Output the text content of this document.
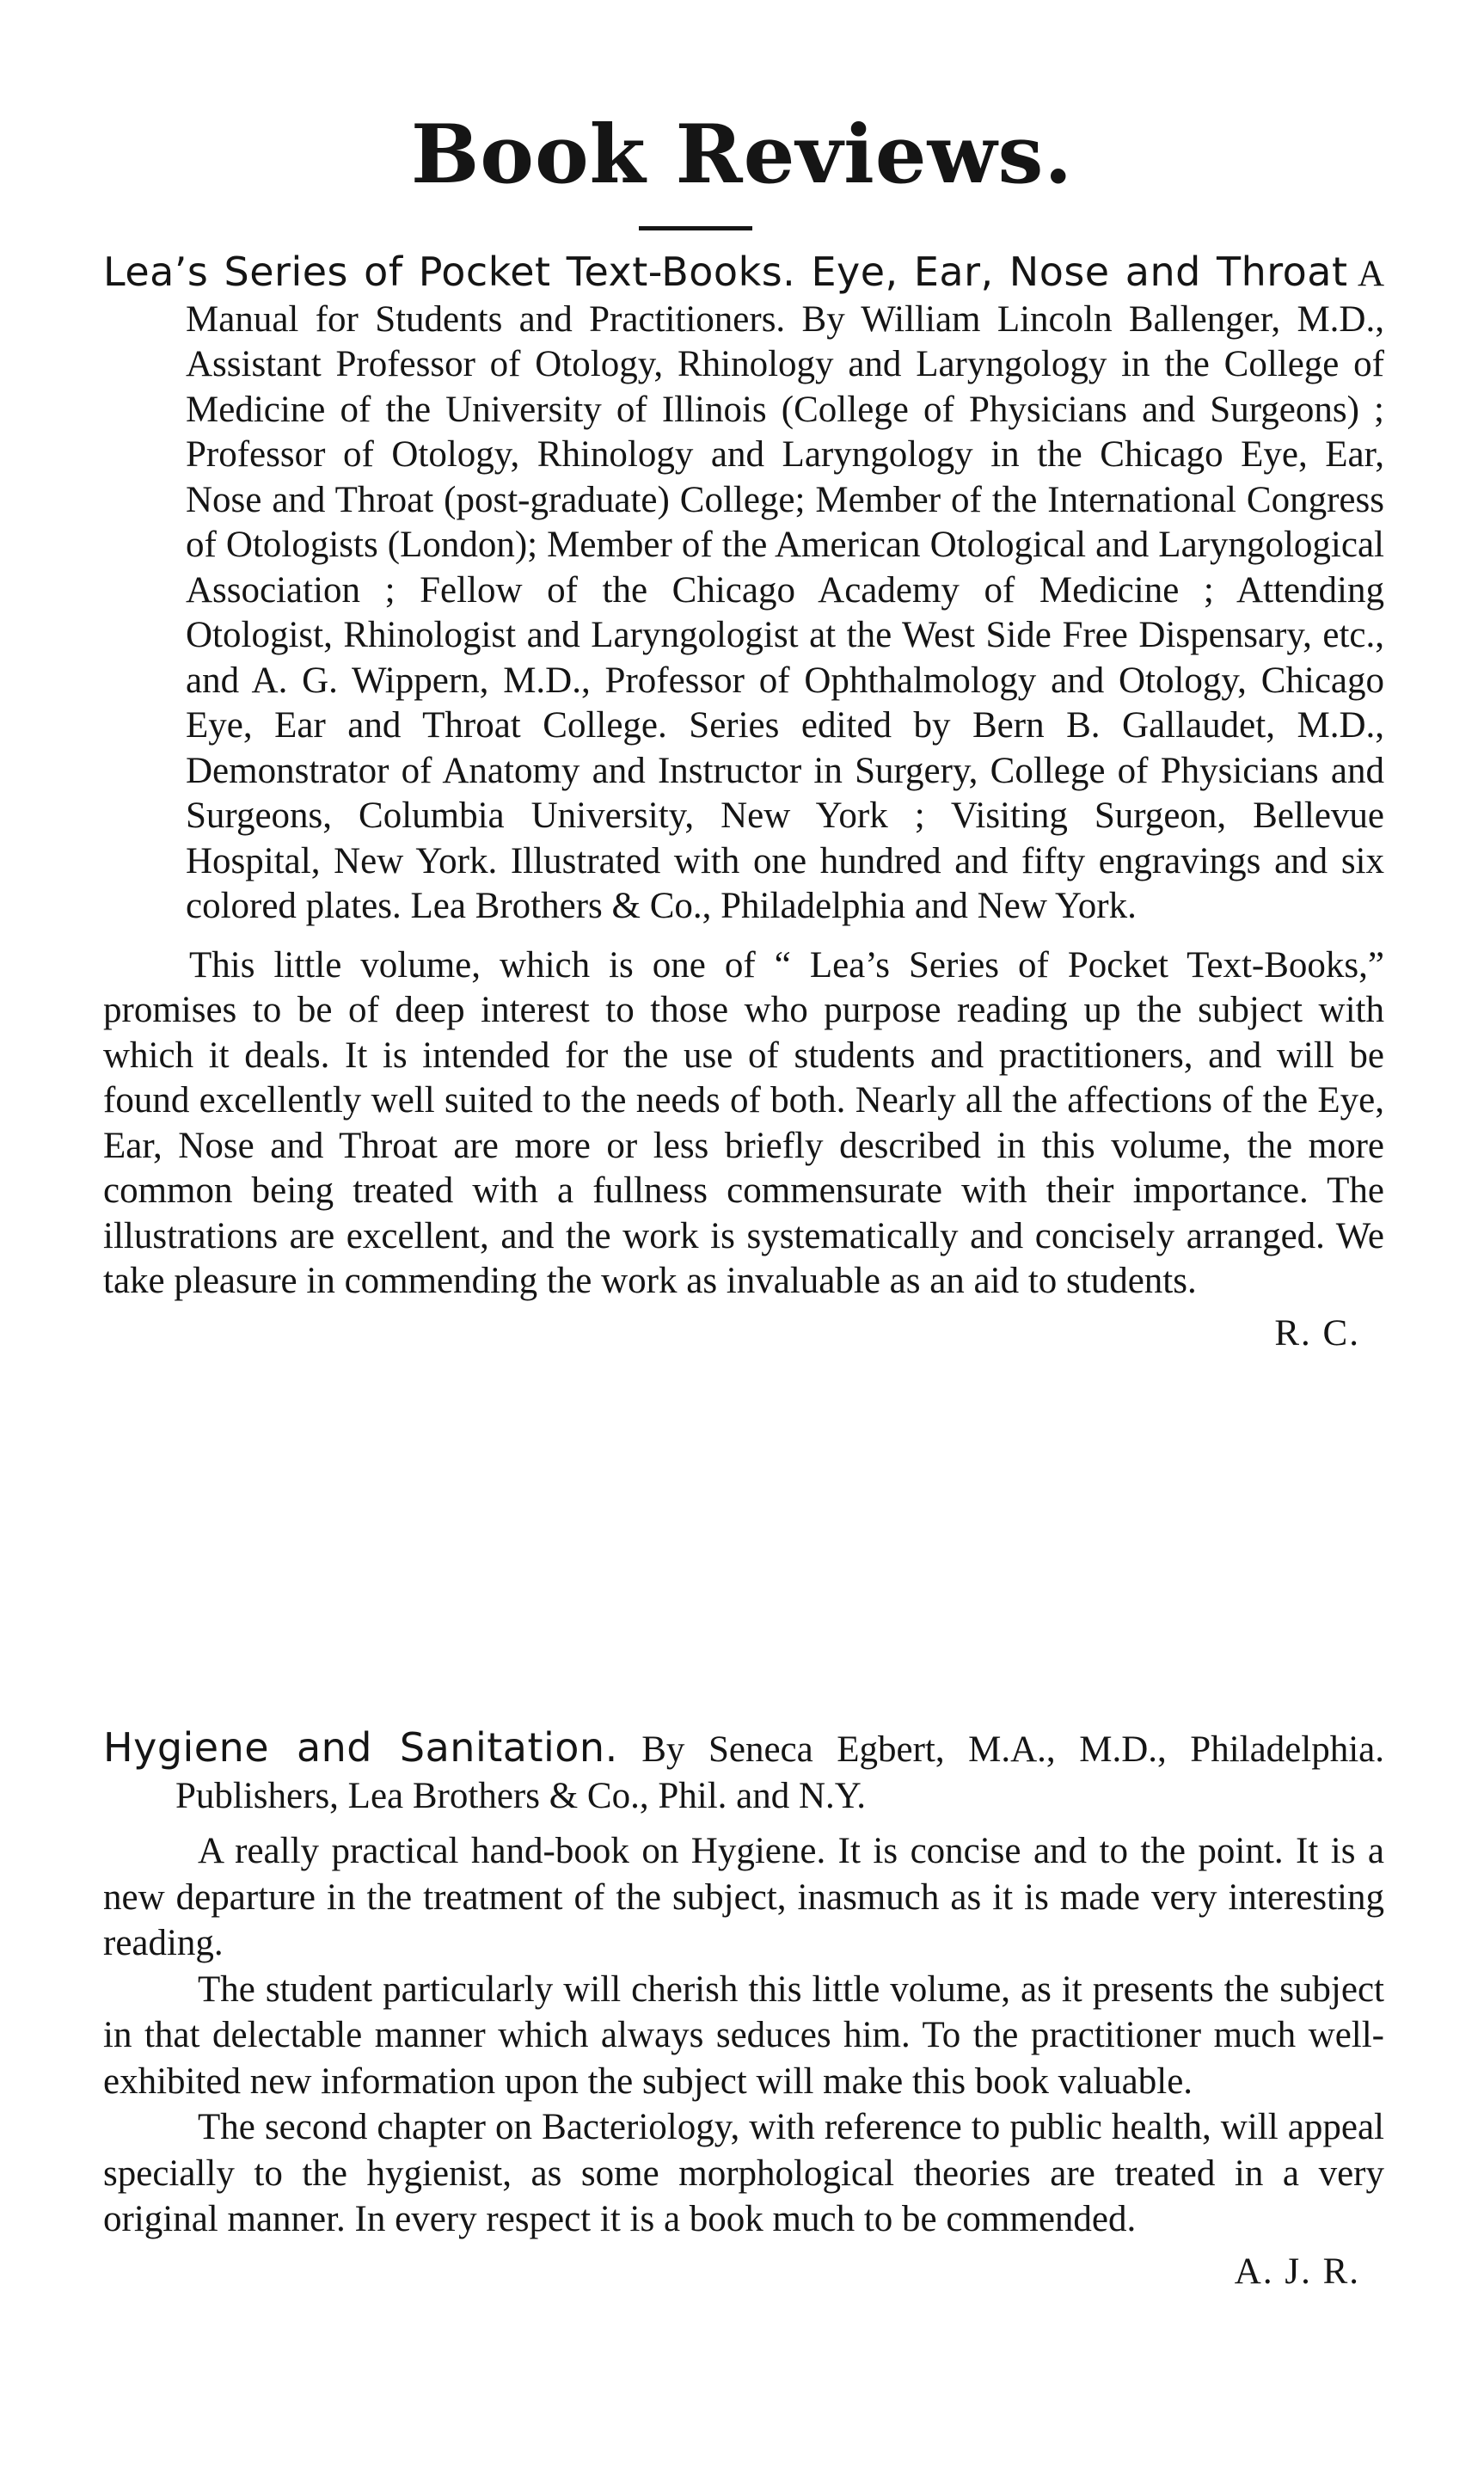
Book Reviews.

Lea’s Series of Pocket Text-Books. Eye, Ear, Nose and Throat A Manual for Students and Practitioners. By William Lincoln Ballenger, M.D., Assistant Professor of Otology, Rhinology and Laryngology in the College of Medicine of the University of Illinois (College of Physicians and Surgeons) ; Professor of Otology, Rhinology and Laryngology in the Chicago Eye, Ear, Nose and Throat (post-graduate) College; Member of the International Congress of Otologists (London); Member of the American Otological and Laryngological Association ; Fellow of the Chicago Academy of Medicine ; Attending Otologist, Rhinologist and Laryngologist at the West Side Free Dispensary, etc., and A. G. Wippern, M.D., Professor of Ophthalmology and Otology, Chicago Eye, Ear and Throat College. Series edited by Bern B. Gallaudet, M.D., Demonstrator of Anatomy and Instructor in Surgery, College of Physicians and Surgeons, Columbia University, New York ; Visiting Surgeon, Bellevue Hospital, New York. Illustrated with one hundred and fifty engravings and six colored plates. Lea Brothers & Co., Philadelphia and New York.

This little volume, which is one of “ Lea’s Series of Pocket Text-Books,” promises to be of deep interest to those who purpose reading up the subject with which it deals. It is intended for the use of students and practitioners, and will be found excellently well suited to the needs of both. Nearly all the affections of the Eye, Ear, Nose and Throat are more or less briefly described in this volume, the more common being treated with a fullness commensurate with their importance. The illustrations are excellent, and the work is systematically and concisely arranged. We take pleasure in commending the work as invaluable as an aid to students.

R. C.

Hygiene and Sanitation. By Seneca Egbert, M.A., M.D., Philadelphia. Publishers, Lea Brothers & Co., Phil. and N.Y.

A really practical hand-book on Hygiene. It is concise and to the point. It is a new departure in the treatment of the subject, inasmuch as it is made very interesting reading.

The student particularly will cherish this little volume, as it presents the subject in that delectable manner which always seduces him. To the practitioner much well-exhibited new information upon the subject will make this book valuable.

The second chapter on Bacteriology, with reference to public health, will appeal specially to the hygienist, as some morphological theories are treated in a very original manner. In every respect it is a book much to be commended.

A. J. R.
